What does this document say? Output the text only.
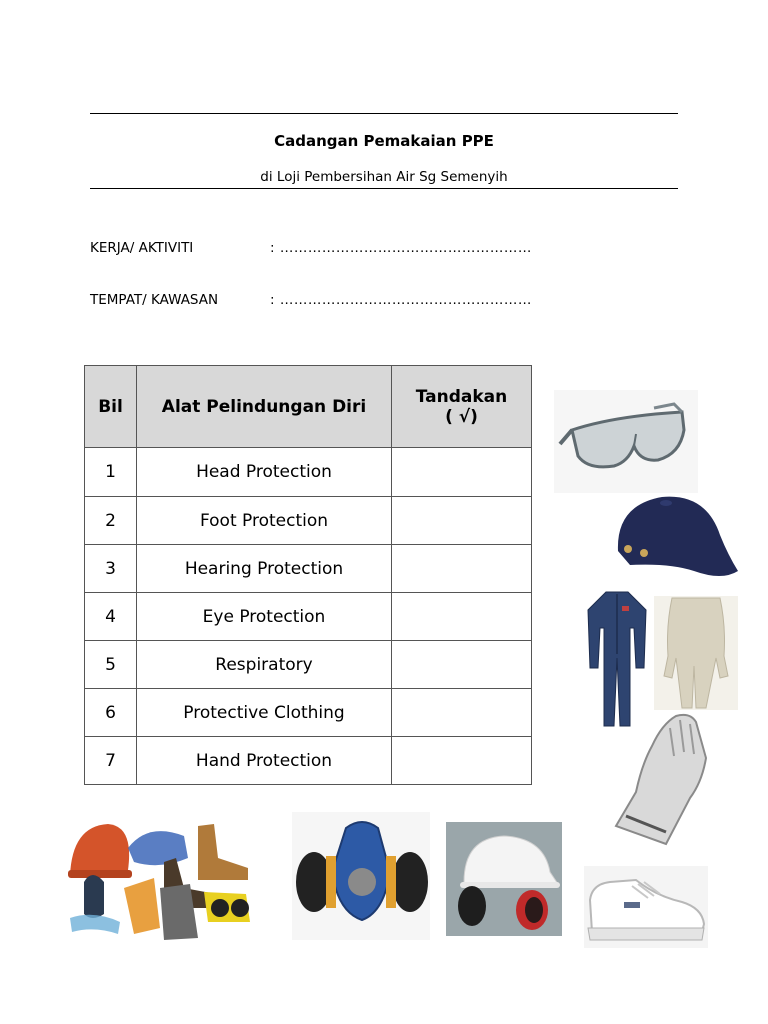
Cadangan Pemakaian PPE
di Loji Pembersihan Air Sg Semenyih
KERJA/ AKTIVITI	: ………………………………………………
TEMPAT/ KAWASAN	: ………………………………………………
Bil	Alat Pelindungan Diri	Tandakan
( √)

1	Head Protection	
2	Foot Protection	
3	Hearing Protection	
4	Eye Protection	
5	Respiratory	
6	Protective Clothing	
7	Hand Protection	
